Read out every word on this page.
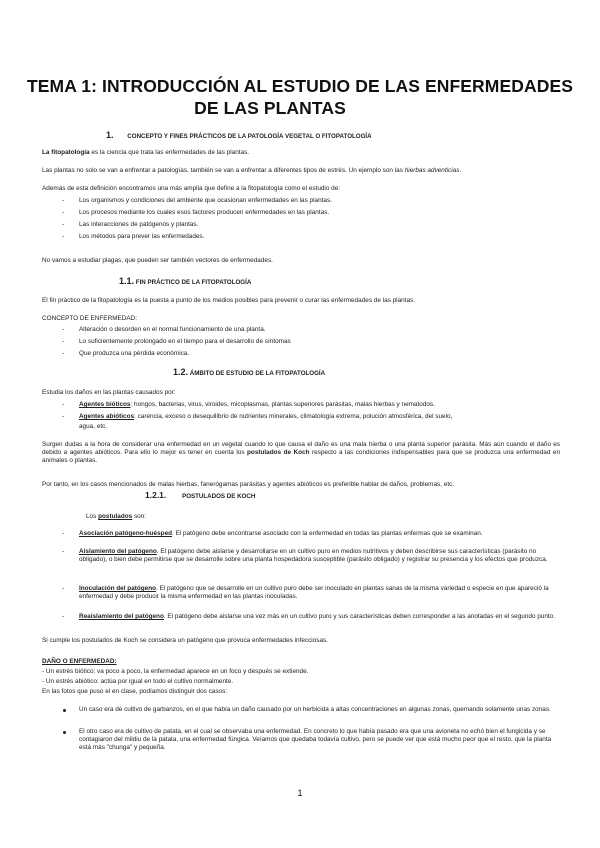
TEMA 1: INTRODUCCIÓN AL ESTUDIO DE LAS ENFERMEDADES
DE LAS PLANTAS
1. CONCEPTO Y FINES PRÁCTICOS DE LA PATOLOGÍA VEGETAL O FITOPATOLOGÍA
La fitopatología es la ciencia que trata las enfermedades de las plantas.
Las plantas no solo se van a enfrentar a patologías, también se van a enfrentar a diferentes tipos de estrés. Un ejemplo son las hierbas adventicias.
Además de esta definición encontramos una más amplia que define a la fitopatología como el estudio de:
- Los organismos y condiciones del ambiente que ocasionan enfermedades en las plantas.
- Los procesos mediante los cuales esos factores producen enfermedades en las plantas.
- Las interacciones de patógenos y plantas.
- Los métodos para prever las enfermedades.
No vamos a estudiar plagas, que pueden ser también vectores de enfermedades.
1.1. FIN PRÁCTICO DE LA FITOPATOLOGÍA
El fin práctico de la fitopatología es la puesta a punto de los medios posibles para prevenir o curar las enfermedades de las plantas.
CONCEPTO DE ENFERMEDAD:
- Alteración o desorden en el normal funcionamiento de una planta.
- Lo suficientemente prolongado en el tiempo para el desarrollo de síntomas
- Que produzca una pérdida económica.
1.2. ÁMBITO DE ESTUDIO DE LA FITOPATOLOGÍA
Estudia los daños en las plantas causados por:
- Agentes bióticos: hongos, bacterias, virus, viroides, micoplasmas, plantas superiores parásitas, malas hierbas y nematodos.
- Agentes abióticos: carencia, exceso o desequilibrio de nutrientes minerales, climatología extrema, polución atmosférica, del suelo,
agua, etc.
Surgen dudas a la hora de considerar una enfermedad en un vegetal cuando lo que causa el daño es una mala hierba o una planta superior parásita. Más aún cuando el daño es debido a agentes abióticos. Para ello lo mejor es tener en cuenta los postulados de Koch respecto a las condiciones indispensables para que se produzca una enfermedad en animales o plantas.
Por tanto, en los casos mencionados de malas hierbas, fanerógamas parásitas y agentes abióticos es preferible hablar de daños, problemas, etc.
1.2.1.	POSTULADOS DE KOCH
Los postulados son:
- Asociación patógeno-huésped. El patógeno debe encontrarse asociado con la enfermedad en todas las plantas enfermas que se examinan.
- Aislamiento del patógeno. El patógeno debe aislarse y desarrollarse en un cultivo puro en medios nutritivos y deben describirse sus características (parásito no obligado), o bien debe permitirse que se desarrolle sobre una planta hospedadora susceptible (parásito obligado) y registrar su presencia y los efectos que produzca.
- Inoculación del patógeno. El patógeno que se desarrolle en un cultivo puro debe ser inoculado en plantas sanas de la misma variedad o especie en que apareció la enfermedad y debe producir la misma enfermedad en las plantas inoculadas.
- Reaislamiento del patógeno. El patógeno debe aislarse una vez más en un cultivo puro y sus características deben corresponder a las anotadas en el segundo punto.
Si cumple los postulados de Koch se considera un patógeno que provoca enfermedades infecciosas.
DAÑO O ENFERMEDAD:
- Un estrés biótico: va poco a poco, la enfermedad aparece en un foco y después se extiende.
- Un estrés abiótico: actúa por igual en todo el cultivo normalmente.
En las fotos que puso el en clase, podíamos distinguir dos casos:
Un caso era de cultivo de garbanzos, en el que había un daño causado por un herbicida a altas concentraciones en algunas zonas, quemando solamente unas zonas.
El otro caso era de cultivo de patata, en el cual se observaba una enfermedad. En concreto lo que había pasado era que una avioneta no echó bien el fungicida y se contagiaron del mildiu de la patata, una enfermedad fúngica. Veíamos que quedaba todavía cultivo, pero se puede ver que está mucho peor que el resto, que la planta está más "chunga" y pequeña.
1
